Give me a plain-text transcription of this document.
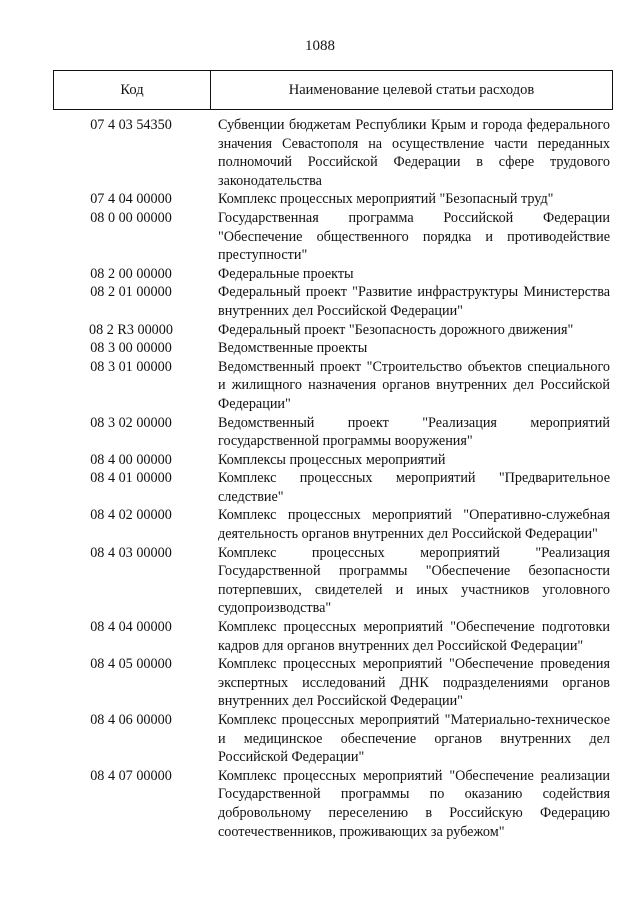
1088
Код	Наименование целевой статьи расходов
07 4 03 54350	Субвенции бюджетам Республики Крым и города федерального значения Севастополя на осуществление части переданных полномочий Российской Федерации в сфере трудового законодательства
07 4 04 00000	Комплекс процессных мероприятий "Безопасный труд"
08 0 00 00000	Государственная программа Российской Федерации "Обеспечение общественного порядка и противодействие преступности"
08 2 00 00000	Федеральные проекты
08 2 01 00000	Федеральный проект "Развитие инфраструктуры Министерства внутренних дел Российской Федерации"
08 2 R3 00000	Федеральный проект "Безопасность дорожного движения"
08 3 00 00000	Ведомственные проекты
08 3 01 00000	Ведомственный проект "Строительство объектов специального и жилищного назначения органов внутренних дел Российской Федерации"
08 3 02 00000	Ведомственный проект "Реализация мероприятий государственной программы вооружения"
08 4 00 00000	Комплексы процессных мероприятий
08 4 01 00000	Комплекс процессных мероприятий "Предварительное следствие"
08 4 02 00000	Комплекс процессных мероприятий "Оперативно-служебная деятельность органов внутренних дел Российской Федерации"
08 4 03 00000	Комплекс процессных мероприятий "Реализация Государственной программы "Обеспечение безопасности потерпевших, свидетелей и иных участников уголовного судопроизводства"
08 4 04 00000	Комплекс процессных мероприятий "Обеспечение подготовки кадров для органов внутренних дел Российской Федерации"
08 4 05 00000	Комплекс процессных мероприятий "Обеспечение проведения экспертных исследований ДНК подразделениями органов внутренних дел Российской Федерации"
08 4 06 00000	Комплекс процессных мероприятий "Материально-техническое и медицинское обеспечение органов внутренних дел Российской Федерации"
08 4 07 00000	Комплекс процессных мероприятий "Обеспечение реализации Государственной программы по оказанию содействия добровольному переселению в Российскую Федерацию соотечественников, проживающих за рубежом"
